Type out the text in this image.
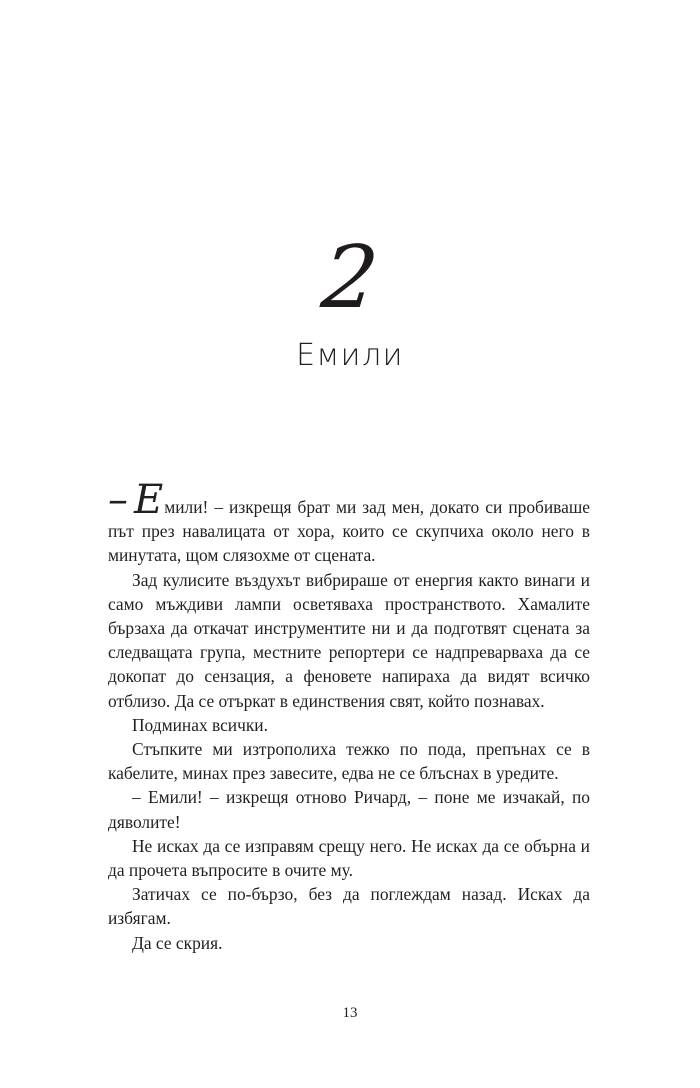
2
Емили

– Емили! – изкрещя брат ми зад мен, докато си пробиваше път през навалицата от хора, които се скупчиха около него в минутата, щом слязохме от сцената.

Зад кулисите въздухът вибрираше от енергия както винаги и само мъждиви лампи осветяваха пространството. Хамалите бързаха да откачат инструментите ни и да подготвят сцената за следващата група, местните репортери се надпреварваха да се докопат до сензация, а феновете напираха да видят всичко отблизо. Да се отъркат в единствения свят, който познавах.

Подминах всички.

Стъпките ми изтрополиха тежко по пода, препънах се в кабелите, минах през завесите, едва не се блъснах в уредите.

– Емили! – изкрещя отново Ричард, – поне ме изчакай, по дяволите!

Не исках да се изправям срещу него. Не исках да се обърна и да прочета въпросите в очите му.

Затичах се по-бързо, без да поглеждам назад. Исках да избягам.

Да се скрия.

13
